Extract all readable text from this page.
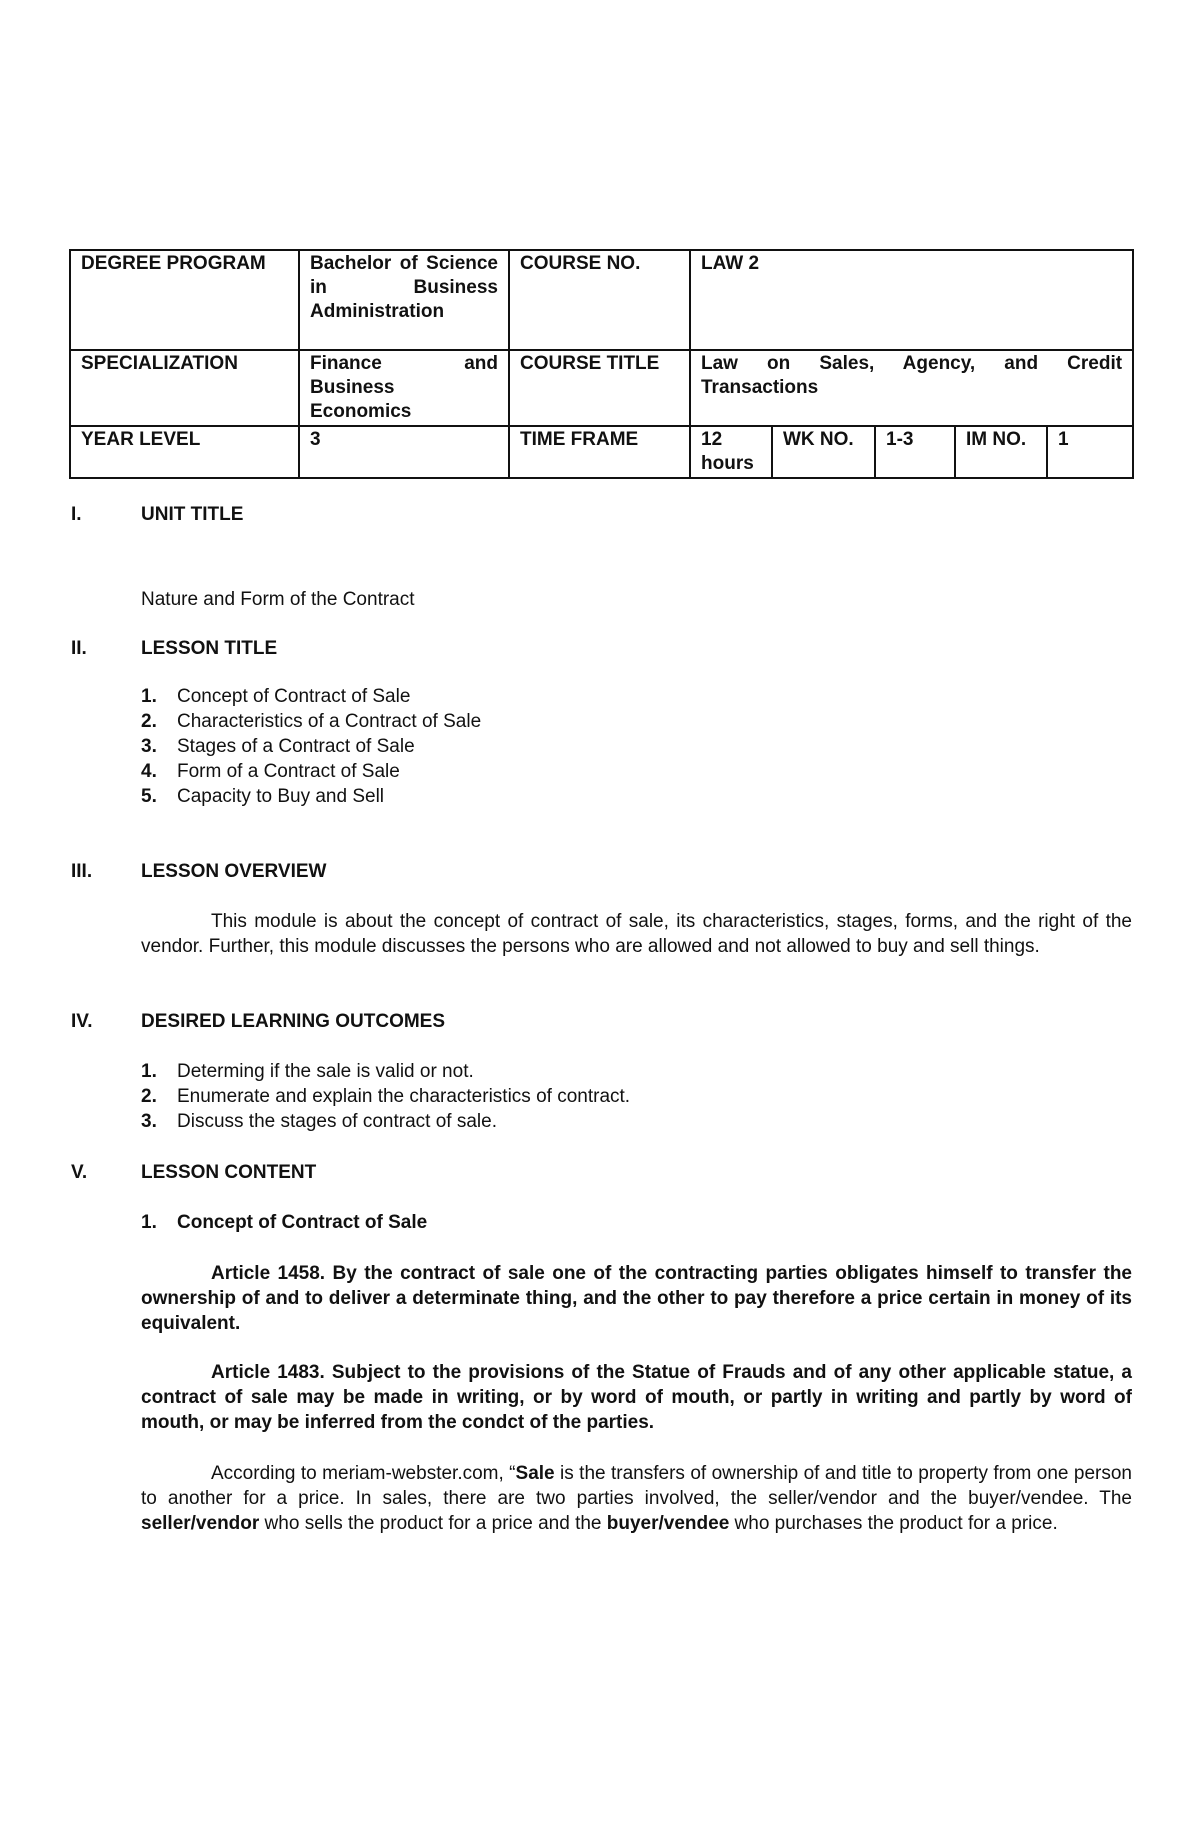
DEGREE PROGRAM	Bachelor of Science in Business Administration	COURSE NO.	LAW 2				
SPECIALIZATION	Finance and Business Economics	COURSE TITLE	Law on Sales, Agency, and Credit Transactions				
YEAR LEVEL	3	TIME FRAME	12 hours	WK NO.	1-3	IM NO.	1
I.	UNIT TITLE
Nature and Form of the Contract
II.	LESSON TITLE
1. Concept of Contract of Sale
2. Characteristics of a Contract of Sale
3. Stages of a Contract of Sale
4. Form of a Contract of Sale
5. Capacity to Buy and Sell
III.	LESSON OVERVIEW
This module is about the concept of contract of sale, its characteristics, stages, forms, and the right of the vendor. Further, this module discusses the persons who are allowed and not allowed to buy and sell things.
IV.	DESIRED LEARNING OUTCOMES
1. Determing if the sale is valid or not.
2. Enumerate and explain the characteristics of contract.
3. Discuss the stages of contract of sale.
V.	LESSON CONTENT
1. Concept of Contract of Sale
Article 1458. By the contract of sale one of the contracting parties obligates himself to transfer the ownership of and to deliver a determinate thing, and the other to pay therefore a price certain in money of its equivalent.
Article 1483. Subject to the provisions of the Statue of Frauds and of any other applicable statue, a contract of sale may be made in writing, or by word of mouth, or partly in writing and partly by word of mouth, or may be inferred from the condct of the parties.
According to meriam-webster.com, “Sale is the transfers of ownership of and title to property from one person to another for a price. In sales, there are two parties involved, the seller/vendor and the buyer/vendee. The seller/vendor who sells the product for a price and the buyer/vendee who purchases the product for a price.
